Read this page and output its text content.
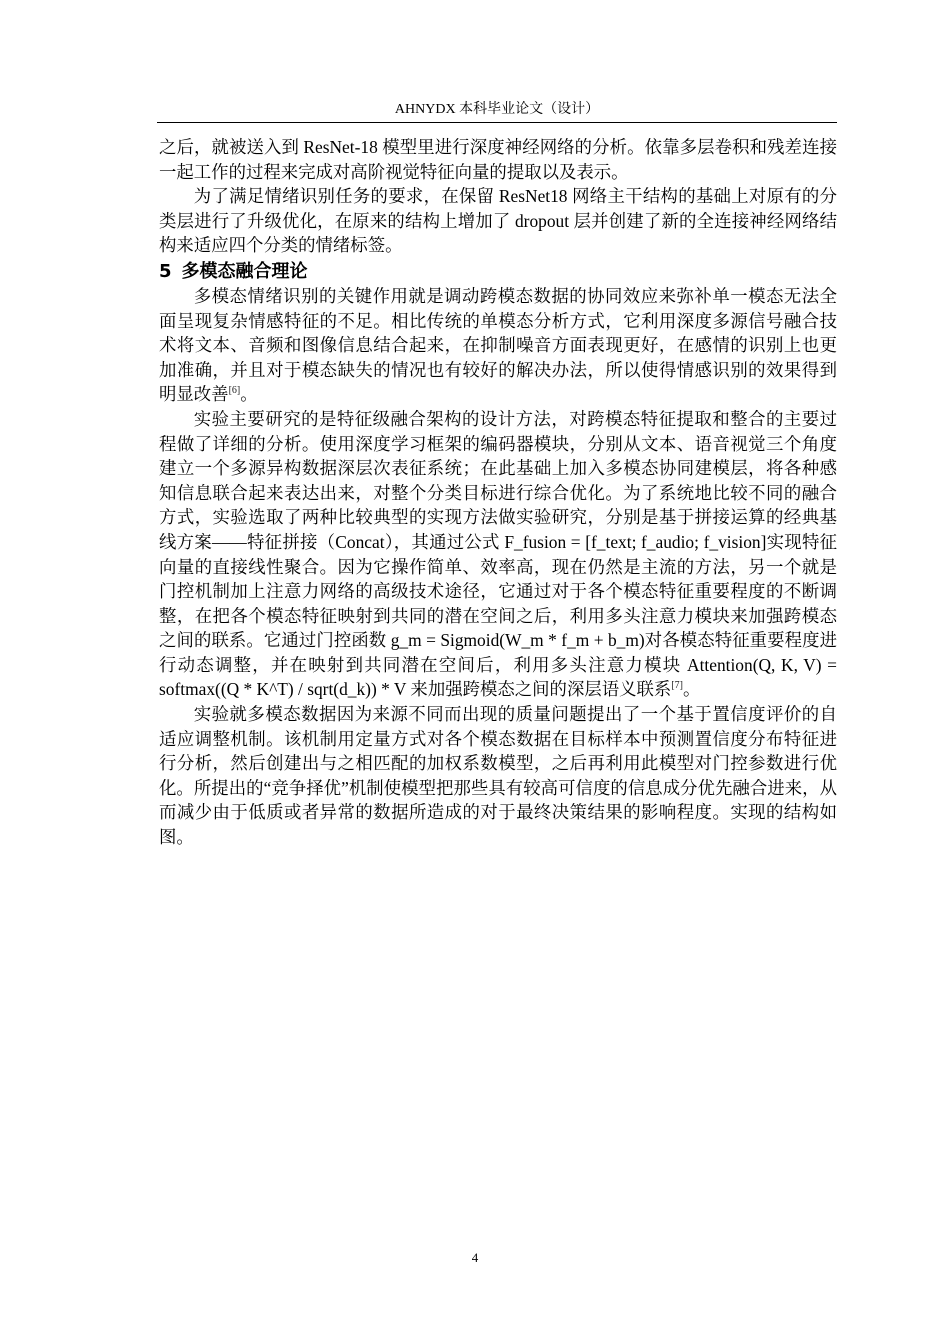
AHNYDX 本科毕业论文（设计）

之后，就被送入到 ResNet-18 模型里进行深度神经网络的分析。依靠多层卷积和残差连接一起工作的过程来完成对高阶视觉特征向量的提取以及表示。

为了满足情绪识别任务的要求，在保留 ResNet18 网络主干结构的基础上对原有的分类层进行了升级优化，在原来的结构上增加了 dropout 层并创建了新的全连接神经网络结构来适应四个分类的情绪标签。

5 多模态融合理论

多模态情绪识别的关键作用就是调动跨模态数据的协同效应来弥补单一模态无法全面呈现复杂情感特征的不足。相比传统的单模态分析方式，它利用深度多源信号融合技术将文本、音频和图像信息结合起来，在抑制噪音方面表现更好，在感情的识别上也更加准确，并且对于模态缺失的情况也有较好的解决办法，所以使得情感识别的效果得到明显改善[6]。

实验主要研究的是特征级融合架构的设计方法，对跨模态特征提取和整合的主要过程做了详细的分析。使用深度学习框架的编码器模块，分别从文本、语音视觉三个角度建立一个多源异构数据深层次表征系统；在此基础上加入多模态协同建模层，将各种感知信息联合起来表达出来，对整个分类目标进行综合优化。为了系统地比较不同的融合方式，实验选取了两种比较典型的实现方法做实验研究，分别是基于拼接运算的经典基线方案——特征拼接（Concat），其通过公式 F_fusion = [f_text; f_audio; f_vision]实现特征向量的直接线性聚合。因为它操作简单、效率高，现在仍然是主流的方法，另一个就是门控机制加上注意力网络的高级技术途径，它通过对于各个模态特征重要程度的不断调整，在把各个模态特征映射到共同的潜在空间之后，利用多头注意力模块来加强跨模态之间的联系。它通过门控函数 g_m = Sigmoid(W_m * f_m + b_m)对各模态特征重要程度进行动态调整，并在映射到共同潜在空间后，利用多头注意力模块 Attention(Q, K, V) = softmax((Q * K^T) / sqrt(d_k)) * V 来加强跨模态之间的深层语义联系[7]。

实验就多模态数据因为来源不同而出现的质量问题提出了一个基于置信度评价的自适应调整机制。该机制用定量方式对各个模态数据在目标样本中预测置信度分布特征进行分析，然后创建出与之相匹配的加权系数模型，之后再利用此模型对门控参数进行优化。所提出的“竞争择优”机制使模型把那些具有较高可信度的信息成分优先融合进来，从而减少由于低质或者异常的数据所造成的对于最终决策结果的影响程度。实现的结构如图。

4
